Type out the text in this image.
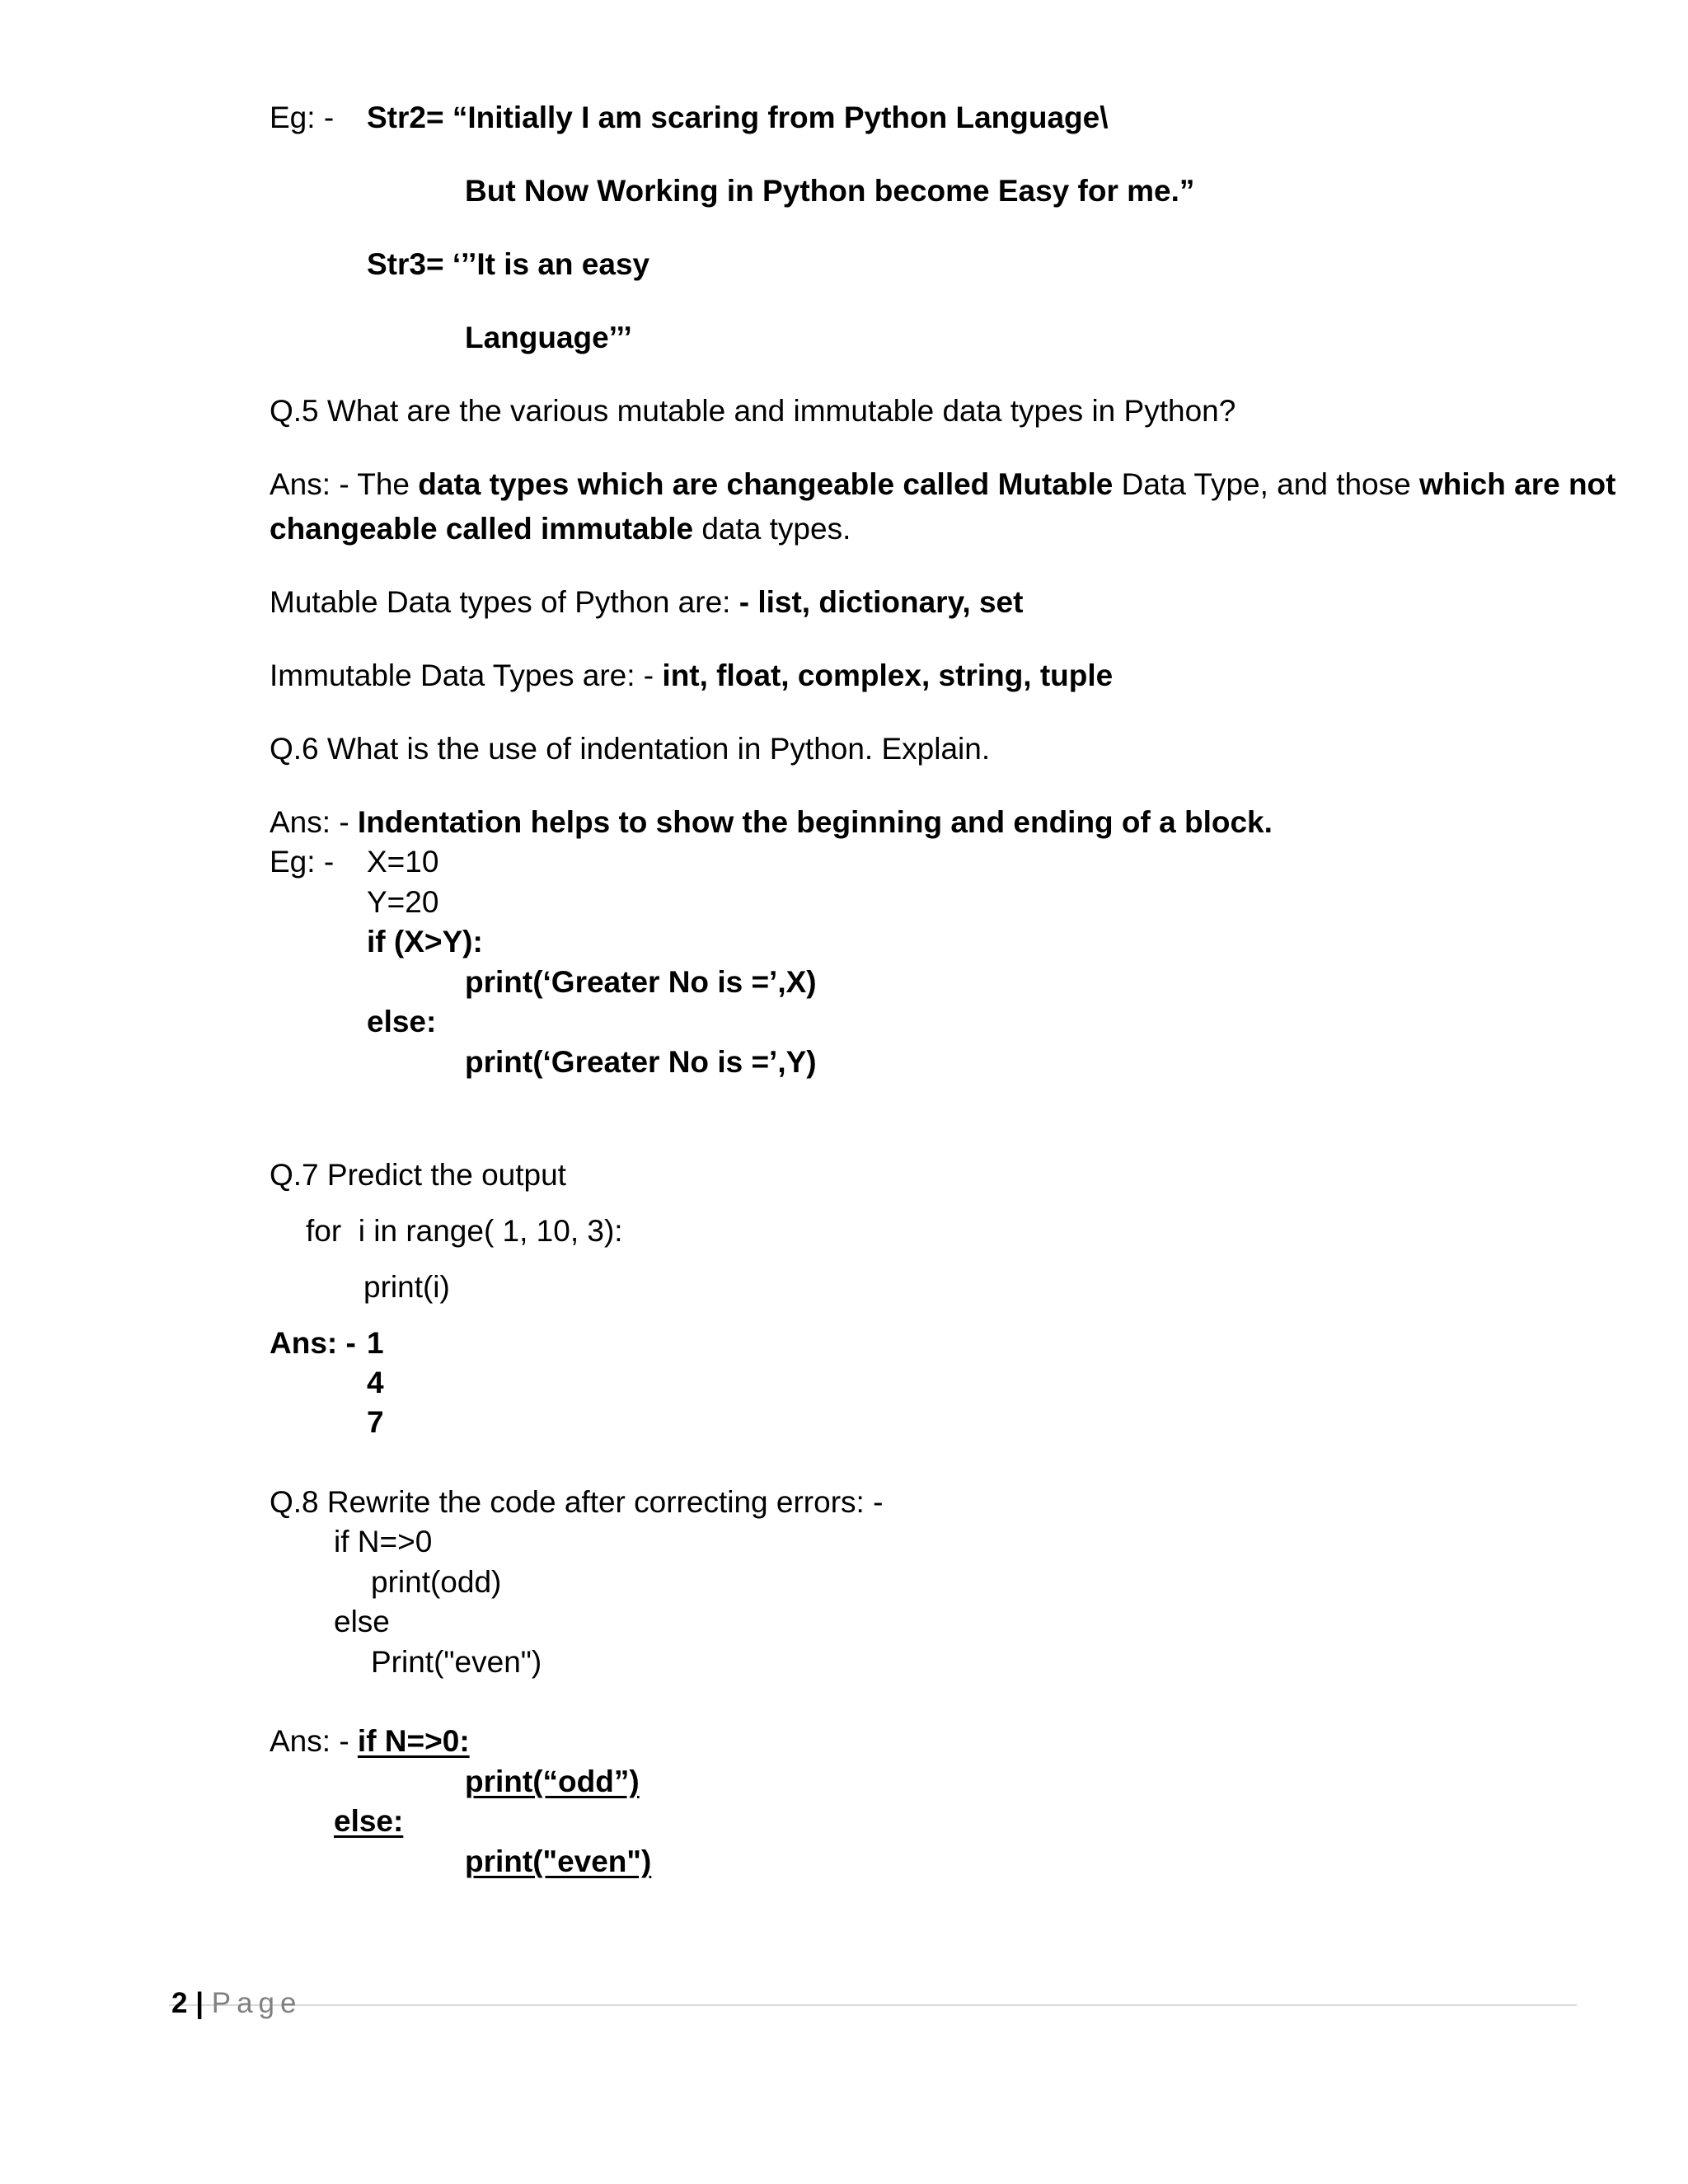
Eg: - Str2= “Initially I am scaring from Python Language\
But Now Working in Python become Easy for me.”
Str3= ‘’’It is an easy
Language’’’
Q.5 What are the various mutable and immutable data types in Python?
Ans: - The data types which are changeable called Mutable Data Type, and those which are not
changeable called immutable data types.
Mutable Data types of Python are: - list, dictionary, set
Immutable Data Types are: - int, float, complex, string, tuple
Q.6 What is the use of indentation in Python. Explain.
Ans: - Indentation helps to show the beginning and ending of a block.
Eg: - X=10
Y=20
if (X>Y):
print(‘Greater No is =’,X)
else:
print(‘Greater No is =’,Y)
Q.7 Predict the output
for  i in range( 1, 10, 3):
print(i)
Ans: - 1
4
7
Q.8 Rewrite the code after correcting errors: -
if N=>0
print(odd)
else
Print("even")
Ans: - if N=>0:
print(“odd”)
else:
print("even")
2 | Page
